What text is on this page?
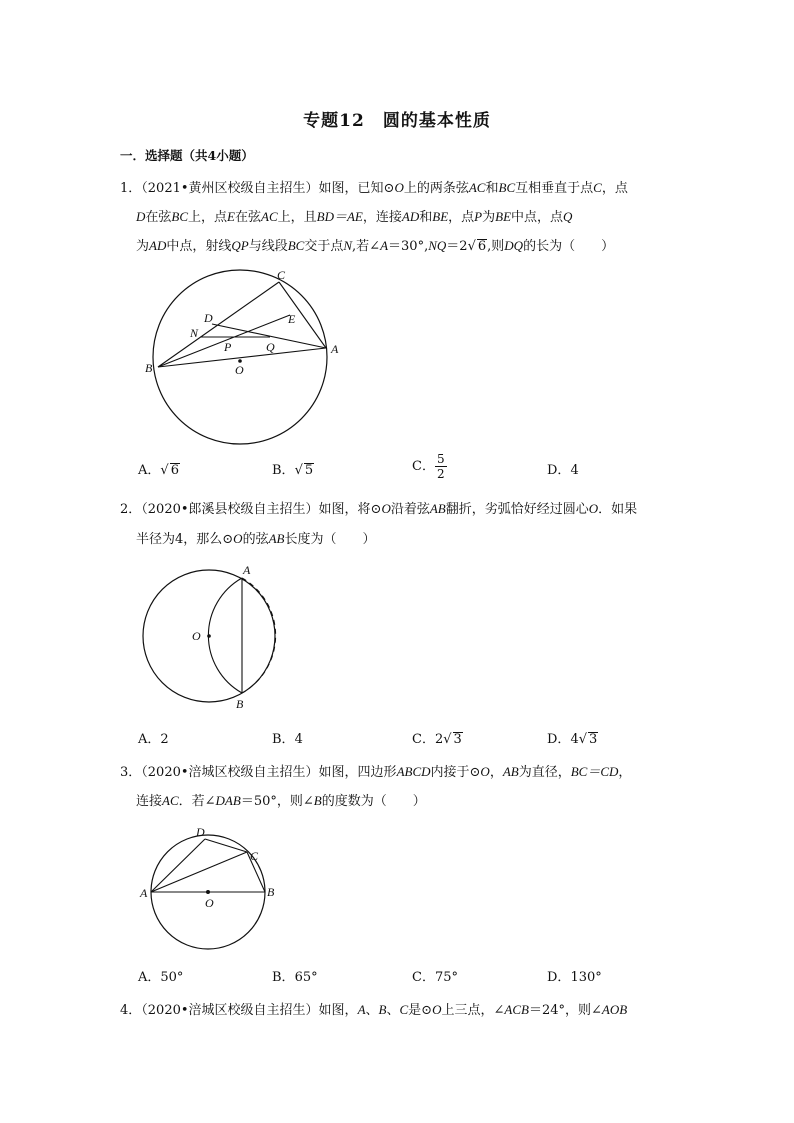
专题12　圆的基本性质
一．选择题（共4小题）
1．（2021•黄州区校级自主招生）如图，已知⊙O上的两条弦AC和BC互相垂直于点C，点
D在弦BC上，点E在弦AC上，且BD＝AE，连接AD和BE，点P为BE中点，点Q
为AD中点，射线QP与线段BC交于点N,若∠A＝30°,NQ＝2√ 6,则DQ的长为（　　）
C
D	E
N
P	Q	A
B	O
A．√ 6	B．√ 5	C． $\frac{5}{2}$	D．4
2．（2020•郎溪县校级自主招生）如图，将⊙O沿着弦AB翻折，劣弧恰好经过圆心O．如果
半径为4，那么⊙O的弦AB长度为（　　）
A
B
O
A．2	B．4	C．2√ 3	D．4√ 3
3．（2020•涪城区校级自主招生）如图，四边形ABCD内接于⊙O，AB为直径，BC＝CD，
连接AC．若∠DAB＝50°，则∠B的度数为（　　）
A	B
C
D
O
A．50°	B．65°	C．75°	D．130°
4．（2020•涪城区校级自主招生）如图，A、B、C是⊙O上三点，∠ACB＝24°，则∠AOB
